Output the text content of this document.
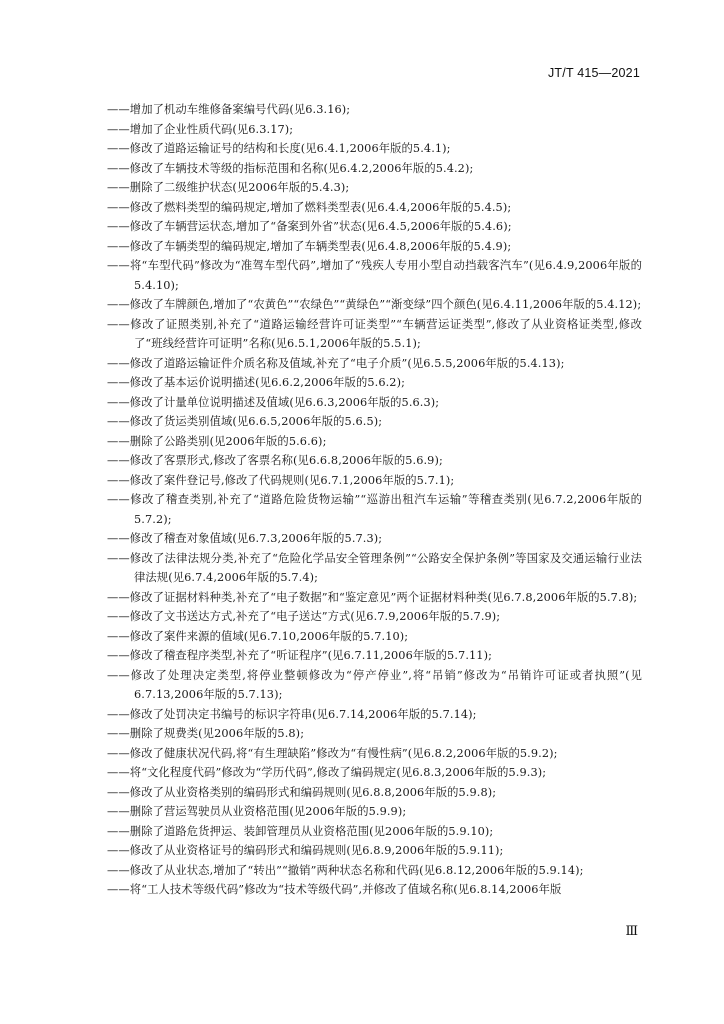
JT/T 415—2021
——增加了机动车维修备案编号代码(见6.3.16);
——增加了企业性质代码(见6.3.17);
——修改了道路运输证号的结构和长度(见6.4.1,2006年版的5.4.1);
——修改了车辆技术等级的指标范围和名称(见6.4.2,2006年版的5.4.2);
——删除了二级维护状态(见2006年版的5.4.3);
——修改了燃料类型的编码规定,增加了燃料类型表(见6.4.4,2006年版的5.4.5);
——修改了车辆营运状态,增加了“备案到外省”状态(见6.4.5,2006年版的5.4.6);
——修改了车辆类型的编码规定,增加了车辆类型表(见6.4.8,2006年版的5.4.9);
——将“车型代码”修改为“准驾车型代码”,增加了“残疾人专用小型自动挡载客汽车”(见6.4.9,2006年版的5.4.10);
——修改了车牌颜色,增加了“农黄色”“农绿色”“黄绿色”“渐变绿”四个颜色(见6.4.11,2006年版的5.4.12);
——修改了证照类别,补充了“道路运输经营许可证类型”“车辆营运证类型”,修改了从业资格证类型,修改了“班线经营许可证明”名称(见6.5.1,2006年版的5.5.1);
——修改了道路运输证件介质名称及值域,补充了“电子介质”(见6.5.5,2006年版的5.4.13);
——修改了基本运价说明描述(见6.6.2,2006年版的5.6.2);
——修改了计量单位说明描述及值域(见6.6.3,2006年版的5.6.3);
——修改了货运类别值域(见6.6.5,2006年版的5.6.5);
——删除了公路类别(见2006年版的5.6.6);
——修改了客票形式,修改了客票名称(见6.6.8,2006年版的5.6.9);
——修改了案件登记号,修改了代码规则(见6.7.1,2006年版的5.7.1);
——修改了稽查类别,补充了“道路危险货物运输”“巡游出租汽车运输”等稽查类别(见6.7.2,2006年版的5.7.2);
——修改了稽查对象值域(见6.7.3,2006年版的5.7.3);
——修改了法律法规分类,补充了“危险化学品安全管理条例”“公路安全保护条例”等国家及交通运输行业法律法规(见6.7.4,2006年版的5.7.4);
——修改了证据材料种类,补充了“电子数据”和“鉴定意见”两个证据材料种类(见6.7.8,2006年版的5.7.8);
——修改了文书送达方式,补充了“电子送达”方式(见6.7.9,2006年版的5.7.9);
——修改了案件来源的值域(见6.7.10,2006年版的5.7.10);
——修改了稽查程序类型,补充了“听证程序”(见6.7.11,2006年版的5.7.11);
——修改了处理决定类型,将停业整顿修改为“停产停业”,将“吊销”修改为“吊销许可证或者执照”(见6.7.13,2006年版的5.7.13);
——修改了处罚决定书编号的标识字符串(见6.7.14,2006年版的5.7.14);
——删除了规费类(见2006年版的5.8);
——修改了健康状况代码,将“有生理缺陷”修改为“有慢性病”(见6.8.2,2006年版的5.9.2);
——将“文化程度代码”修改为“学历代码”,修改了编码规定(见6.8.3,2006年版的5.9.3);
——修改了从业资格类别的编码形式和编码规则(见6.8.8,2006年版的5.9.8);
——删除了营运驾驶员从业资格范围(见2006年版的5.9.9);
——删除了道路危货押运、装卸管理员从业资格范围(见2006年版的5.9.10);
——修改了从业资格证号的编码形式和编码规则(见6.8.9,2006年版的5.9.11);
——修改了从业状态,增加了“转出”“撤销”两种状态名称和代码(见6.8.12,2006年版的5.9.14);
——将“工人技术等级代码”修改为“技术等级代码”,并修改了值域名称(见6.8.14,2006年版
Ⅲ
